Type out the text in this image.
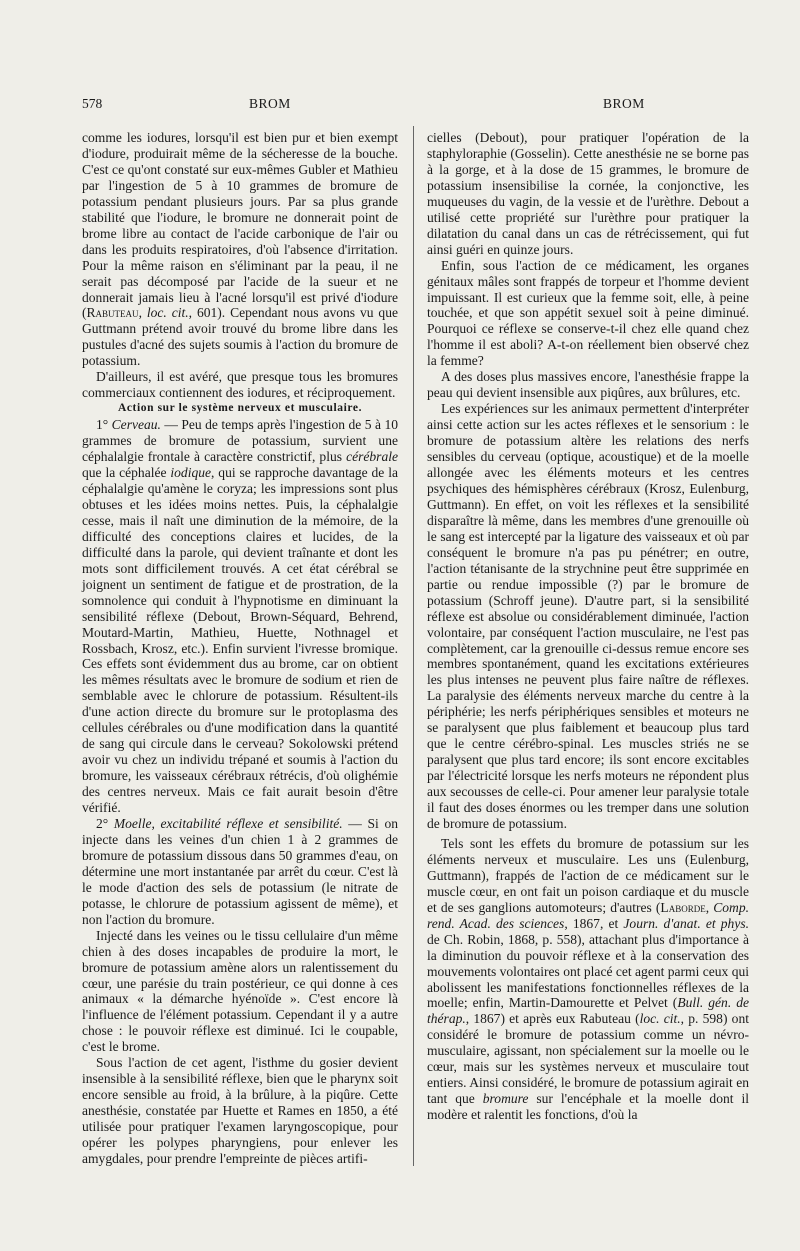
578	BROM	BROM

comme les iodures, lorsqu'il est bien pur et bien exempt d'iodure, produirait même de la sécheresse de la bouche. C'est ce qu'ont constaté sur eux-mêmes Gubler et Mathieu par l'ingestion de 5 à 10 grammes de bromure de potassium pendant plusieurs jours. Par sa plus grande stabilité que l'iodure, le bromure ne donnerait point de brome libre au contact de l'acide carbonique de l'air ou dans les produits respiratoires, d'où l'absence d'irritation. Pour la même raison en s'éliminant par la peau, il ne serait pas décomposé par l'acide de la sueur et ne donnerait jamais lieu à l'acné lorsqu'il est privé d'iodure (Rabuteau, loc. cit., 601). Cependant nous avons vu que Guttmann prétend avoir trouvé du brome libre dans les pustules d'acné des sujets soumis à l'action du bromure de potassium.

D'ailleurs, il est avéré, que presque tous les bromures commerciaux contiennent des iodures, et réciproquement.

Action sur le système nerveux et musculaire.

1° Cerveau. — Peu de temps après l'ingestion de 5 à 10 grammes de bromure de potassium, survient une céphalalgie frontale à caractère constrictif, plus cérébrale que la céphalée iodique, qui se rapproche davantage de la céphalalgie qu'amène le coryza; les impressions sont plus obtuses et les idées moins nettes. Puis, la céphalalgie cesse, mais il naît une diminution de la mémoire, de la difficulté des conceptions claires et lucides, de la difficulté dans la parole, qui devient traînante et dont les mots sont difficilement trouvés. A cet état cérébral se joignent un sentiment de fatigue et de prostration, de la somnolence qui conduit à l'hypnotisme en diminuant la sensibilité réflexe (Debout, Brown-Séquard, Behrend, Moutard-Martin, Mathieu, Huette, Nothnagel et Rossbach, Krosz, etc.). Enfin survient l'ivresse bromique. Ces effets sont évidemment dus au brome, car on obtient les mêmes résultats avec le bromure de sodium et rien de semblable avec le chlorure de potassium. Résultent-ils d'une action directe du bromure sur le protoplasma des cellules cérébrales ou d'une modification dans la quantité de sang qui circule dans le cerveau? Sokolowski prétend avoir vu chez un individu trépané et soumis à l'action du bromure, les vaisseaux cérébraux rétrécis, d'où olighémie des centres nerveux. Mais ce fait aurait besoin d'être vérifié.

2° Moelle, excitabilité réflexe et sensibilité. — Si on injecte dans les veines d'un chien 1 à 2 grammes de bromure de potassium dissous dans 50 grammes d'eau, on détermine une mort instantanée par arrêt du cœur. C'est là le mode d'action des sels de potassium (le nitrate de potasse, le chlorure de potassium agissent de même), et non l'action du bromure.

Injecté dans les veines ou le tissu cellulaire d'un même chien à des doses incapables de produire la mort, le bromure de potassium amène alors un ralentissement du cœur, une parésie du train postérieur, ce qui donne à ces animaux « la démarche hyénoïde ». C'est encore là l'influence de l'élément potassium. Cependant il y a autre chose : le pouvoir réflexe est diminué. Ici le coupable, c'est le brome.

Sous l'action de cet agent, l'isthme du gosier devient insensible à la sensibilité réflexe, bien que le pharynx soit encore sensible au froid, à la brûlure, à la piqûre. Cette anesthésie, constatée par Huette et Rames en 1850, a été utilisée pour pratiquer l'examen laryngoscopique, pour opérer les polypes pharyngiens, pour enlever les amygdales, pour prendre l'empreinte de pièces artifi-

cielles (Debout), pour pratiquer l'opération de la staphyloraphie (Gosselin). Cette anesthésie ne se borne pas à la gorge, et à la dose de 15 grammes, le bromure de potassium insensibilise la cornée, la conjonctive, les muqueuses du vagin, de la vessie et de l'urèthre. Debout a utilisé cette propriété sur l'urèthre pour pratiquer la dilatation du canal dans un cas de rétrécissement, qui fut ainsi guéri en quinze jours.

Enfin, sous l'action de ce médicament, les organes génitaux mâles sont frappés de torpeur et l'homme devient impuissant. Il est curieux que la femme soit, elle, à peine touchée, et que son appétit sexuel soit à peine diminué. Pourquoi ce réflexe se conserve-t-il chez elle quand chez l'homme il est aboli? A-t-on réellement bien observé chez la femme?

A des doses plus massives encore, l'anesthésie frappe la peau qui devient insensible aux piqûres, aux brûlures, etc.

Les expériences sur les animaux permettent d'interpréter ainsi cette action sur les actes réflexes et le sensorium : le bromure de potassium altère les relations des nerfs sensibles du cerveau (optique, acoustique) et de la moelle allongée avec les éléments moteurs et les centres psychiques des hémisphères cérébraux (Krosz, Eulenburg, Guttmann). En effet, on voit les réflexes et la sensibilité disparaître là même, dans les membres d'une grenouille où le sang est intercepté par la ligature des vaisseaux et où par conséquent le bromure n'a pas pu pénétrer; en outre, l'action tétanisante de la strychnine peut être supprimée en partie ou rendue impossible (?) par le bromure de potassium (Schroff jeune). D'autre part, si la sensibilité réflexe est absolue ou considérablement diminuée, l'action volontaire, par conséquent l'action musculaire, ne l'est pas complètement, car la grenouille ci-dessus remue encore ses membres spontanément, quand les excitations extérieures les plus intenses ne peuvent plus faire naître de réflexes. La paralysie des éléments nerveux marche du centre à la périphérie; les nerfs périphériques sensibles et moteurs ne se paralysent que plus faiblement et beaucoup plus tard que le centre cérébro-spinal. Les muscles striés ne se paralysent que plus tard encore; ils sont encore excitables par l'électricité lorsque les nerfs moteurs ne répondent plus aux secousses de celle-ci. Pour amener leur paralysie totale il faut des doses énormes ou les tremper dans une solution de bromure de potassium.

Tels sont les effets du bromure de potassium sur les éléments nerveux et musculaire. Les uns (Eulenburg, Guttmann), frappés de l'action de ce médicament sur le muscle cœur, en ont fait un poison cardiaque et du muscle et de ses ganglions automoteurs; d'autres (Laborde, Comp. rend. Acad. des sciences, 1867, et Journ. d'anat. et phys. de Ch. Robin, 1868, p. 558), attachant plus d'importance à la diminution du pouvoir réflexe et à la conservation des mouvements volontaires ont placé cet agent parmi ceux qui abolissent les manifestations fonctionnelles réflexes de la moelle; enfin, Martin-Damourette et Pelvet (Bull. gén. de thérap., 1867) et après eux Rabuteau (loc. cit., p. 598) ont considéré le bromure de potassium comme un névro-musculaire, agissant, non spécialement sur la moelle ou le cœur, mais sur les systèmes nerveux et musculaire tout entiers. Ainsi considéré, le bromure de potassium agirait en tant que bromure sur l'encéphale et la moelle dont il modère et ralentit les fonctions, d'où la
